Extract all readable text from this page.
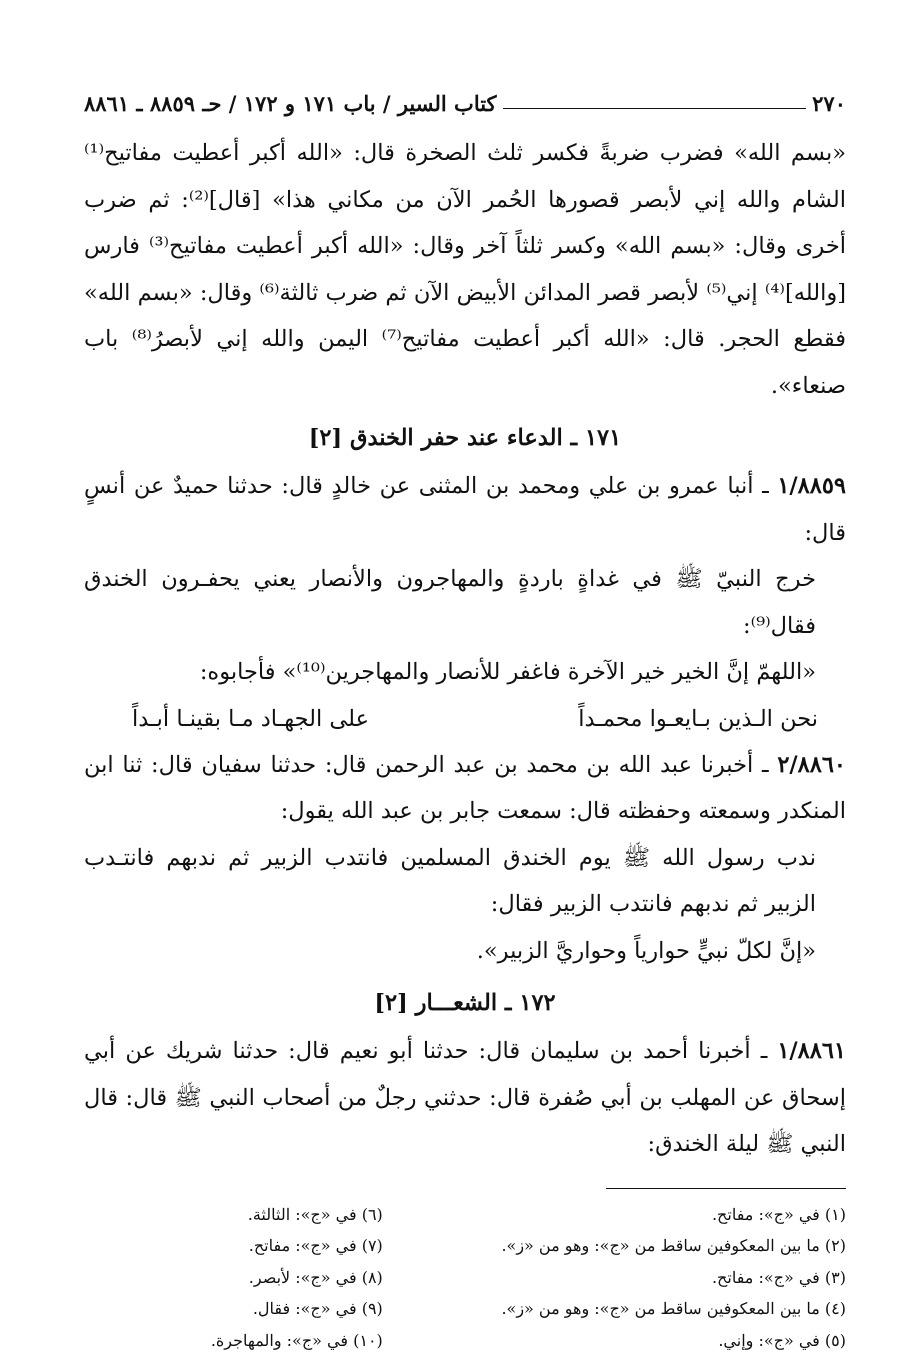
٢٧٠
كتاب السير / باب ١٧١ و ١٧٢ / حـ ٨٨٥٩ ـ ٨٨٦١

«بسم الله» فضرب ضربةً فكسر ثلث الصخرة قال: «الله أكبر أعطيت مفاتيح⁽¹⁾ الشام والله إني لأبصر قصورها الحُمر الآن من مكاني هذا» [قال]⁽²⁾: ثم ضرب أخرى وقال: «بسم الله» وكسر ثلثاً آخر وقال: «الله أكبر أعطيت مفاتيح⁽³⁾ فارس [والله]⁽⁴⁾ إني⁽⁵⁾ لأبصر قصر المدائن الأبيض الآن ثم ضرب ثالثة⁽⁶⁾ وقال: «بسم الله» فقطع الحجر. قال: «الله أكبر أعطيت مفاتيح⁽⁷⁾ اليمن والله إني لأبصرُ⁽⁸⁾ باب صنعاء».

١٧١ ـ الدعاء عند حفر الخندق [٢]

١/٨٨٥٩ ـ أنبا عمرو بن علي ومحمد بن المثنى عن خالدٍ قال: حدثنا حميدٌ عن أنسٍ قال:

خرج النبيّ ﷺ في غداةٍ باردةٍ والمهاجرون والأنصار يعني يحفـرون الخندق فقال⁽⁹⁾:

«اللهمّ إنَّ الخير خير الآخرة فاغفر للأنصار والمهاجرين⁽¹⁰⁾» فأجابوه:

نحن الـذين بـايعـوا محمـداً
على الجهـاد مـا بقينـا أبـداً

٢/٨٨٦٠ ـ أخبرنا عبد الله بن محمد بن عبد الرحمن قال: حدثنا سفيان قال: ثنا ابن المنكدر وسمعته وحفظته قال: سمعت جابر بن عبد الله يقول:

ندب رسول الله ﷺ يوم الخندق المسلمين فانتدب الزبير ثم ندبهم فانتـدب الزبير ثم ندبهم فانتدب الزبير فقال:

«إنَّ لكلّ نبيٍّ حوارياً وحواريَّ الزبير».

١٧٢ ـ الشعـــار [٢]

١/٨٨٦١ ـ أخبرنا أحمد بن سليمان قال: حدثنا أبو نعيم قال: حدثنا شريك عن أبي إسحاق عن المهلب بن أبي صُفرة قال: حدثني رجلٌ من أصحاب النبي ﷺ قال: قال النبي ﷺ ليلة الخندق:

(١) في «ج»: مفاتح.
(٢) ما بين المعكوفين ساقط من «ج»: وهو من «ز».
(٣) في «ج»: مفاتح.
(٤) ما بين المعكوفين ساقط من «ج»: وهو من «ز».
(٥) في «ج»: وإني.
(٦) في «ج»: الثالثة.
(٧) في «ج»: مفاتح.
(٨) في «ج»: لأبصر.
(٩) في «ج»: فقال.
(١٠) في «ج»: والمهاجرة.
